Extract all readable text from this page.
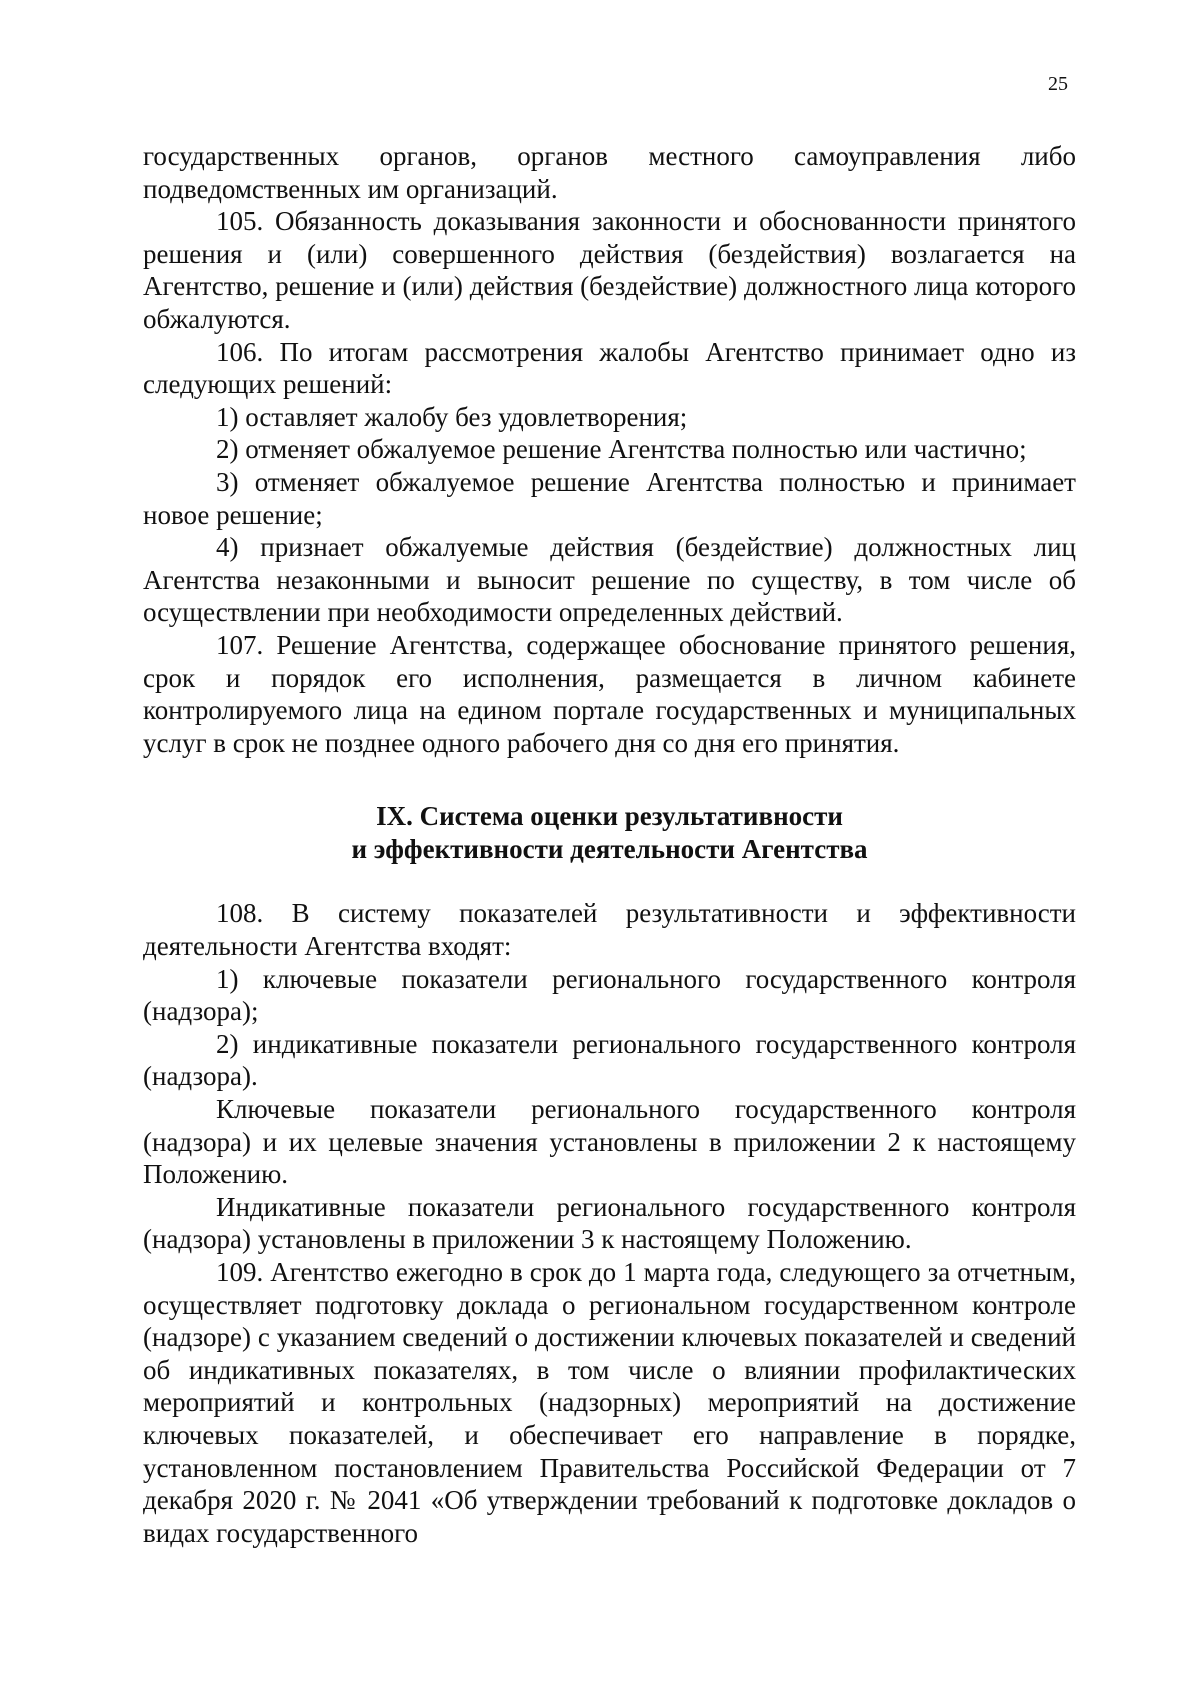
25

государственных органов, органов местного самоуправления либо подведомственных им организаций.

105. Обязанность доказывания законности и обоснованности принятого решения и (или) совершенного действия (бездействия) возлагается на Агентство, решение и (или) действия (бездействие) должностного лица которого обжалуются.

106. По итогам рассмотрения жалобы Агентство принимает одно из следующих решений:

1) оставляет жалобу без удовлетворения;

2) отменяет обжалуемое решение Агентства полностью или частично;

3) отменяет обжалуемое решение Агентства полностью и принимает новое решение;

4) признает обжалуемые действия (бездействие) должностных лиц Агентства незаконными и выносит решение по существу, в том числе об осуществлении при необходимости определенных действий.

107. Решение Агентства, содержащее обоснование принятого решения, срок и порядок его исполнения, размещается в личном кабинете контролируемого лица на едином портале государственных и муниципальных услуг в срок не позднее одного рабочего дня со дня его принятия.

IX. Система оценки результативности
и эффективности деятельности Агентства

108. В систему показателей результативности и эффективности деятельности Агентства входят:

1) ключевые показатели регионального государственного контроля (надзора);

2) индикативные показатели регионального государственного контроля (надзора).

Ключевые показатели регионального государственного контроля (надзора) и их целевые значения установлены в приложении 2 к настоящему Положению.

Индикативные показатели регионального государственного контроля (надзора) установлены в приложении 3 к настоящему Положению.

109. Агентство ежегодно в срок до 1 марта года, следующего за отчетным, осуществляет подготовку доклада о региональном государственном контроле (надзоре) с указанием сведений о достижении ключевых показателей и сведений об индикативных показателях, в том числе о влиянии профилактических мероприятий и контрольных (надзорных) мероприятий на достижение ключевых показателей, и обеспечивает его направление в порядке, установленном постановлением Правительства Российской Федерации от 7 декабря 2020 г. № 2041 «Об утверждении требований к подготовке докладов о видах государственного
